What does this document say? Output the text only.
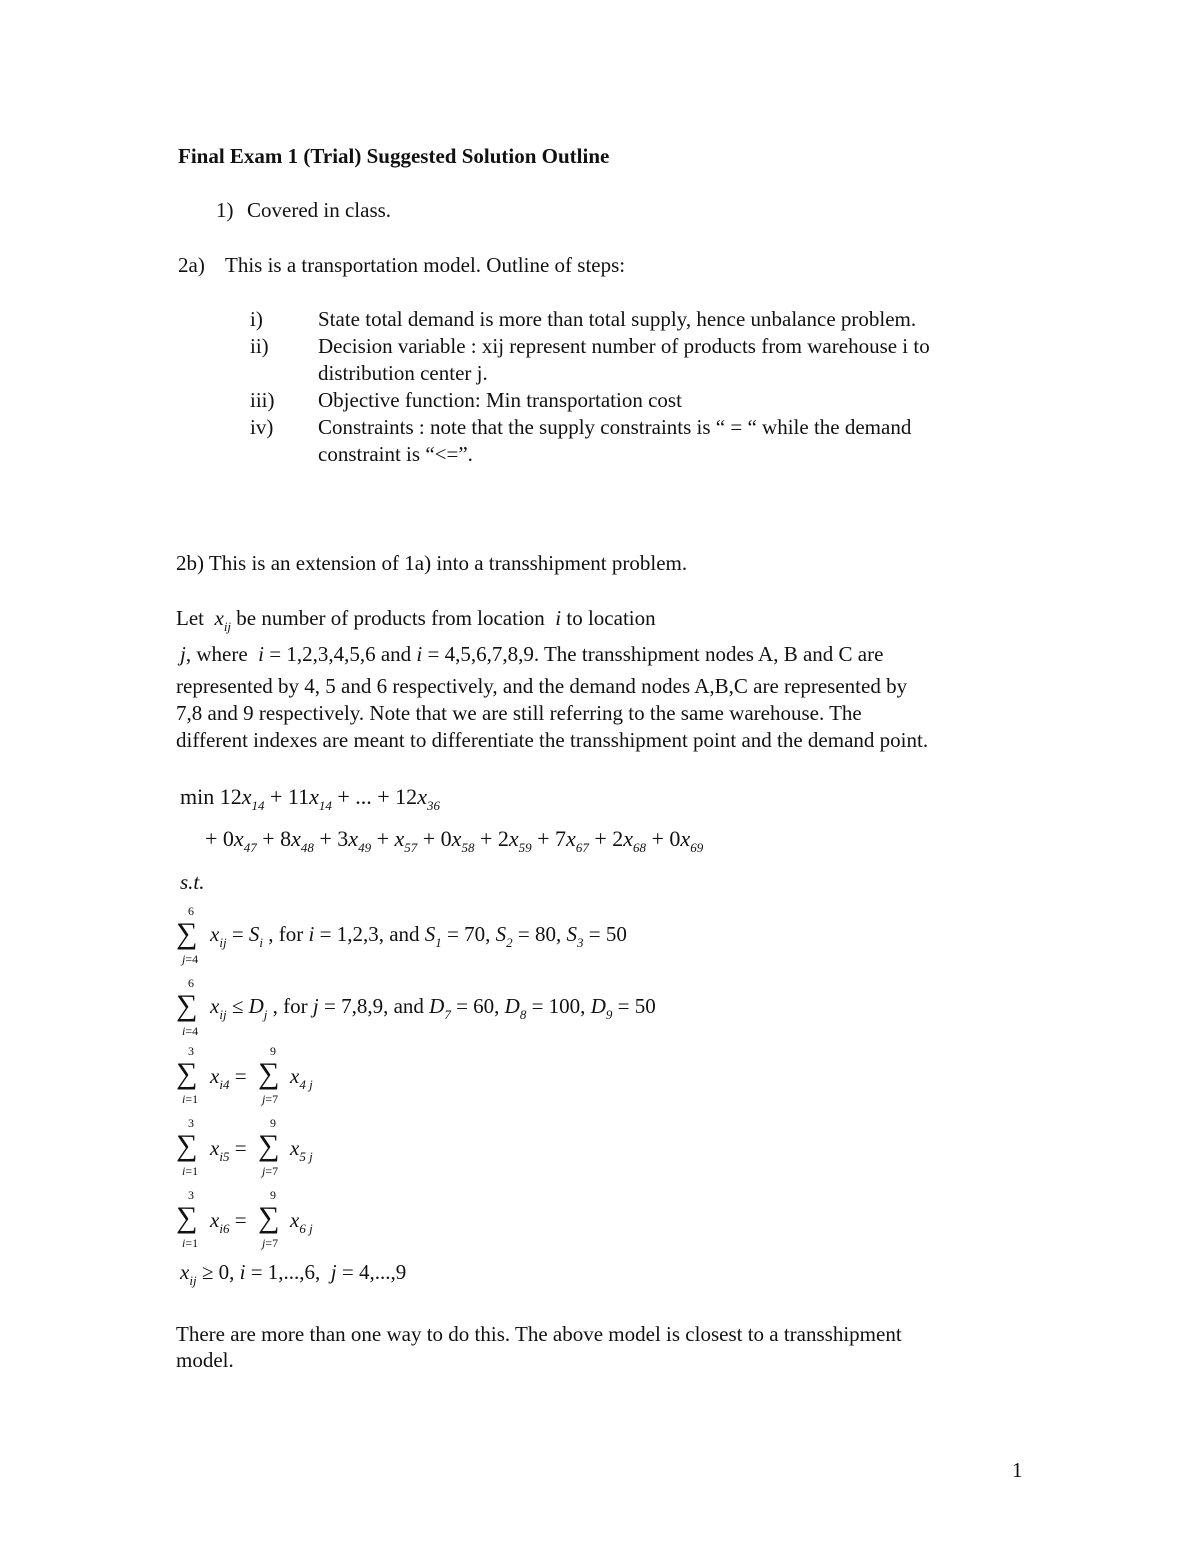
Final Exam 1 (Trial) Suggested Solution Outline
1) Covered in class.
2a) This is a transportation model. Outline of steps:
i)	State total demand is more than total supply, hence unbalance problem.
ii) Decision variable : xij represent number of products from warehouse i to
distribution center j.
iii) Objective function: Min transportation cost
iv) Constraints : note that the supply constraints is “ = “ while the demand
constraint is “<=”.
2b) This is an extension of 1a) into a transshipment problem.
Let  $x_{ij}$ be number of products from location  i to location
j, where i = 1,2,3,4,5,6 and i = 4,5,6,7,8,9. The transshipment nodes A, B and C are
represented by 4, 5 and 6 respectively, and the demand nodes A,B,C are represented by
7,8 and 9 respectively. Note that we are still referring to the same warehouse. The
different indexes are meant to differentiate the transshipment point and the demand point.
$\min 12x_{14} + 11x_{14}$ + ... + $12x_{36}$
+ $0x_{47} + 8x_{48} + 3x_{49} + x_{57} + 0x_{58} + 2x_{59} + 7x_{67} + 2x_{68} + 0x_{69}$
s.t.
6
∑
j=4
$x_{ij} = S_i$ , for i = 1,2,3, and $S_1 = 70$, $S_2 = 80$, $S_3 = 50$
6
∑
i=4
$x_{ij} \le D_j$ , for j = 7,8,9, and $D_7 = 60$, $D_8 = 100$, $D_9 = 50$
3
∑
i=1
$x_{i4}$ =
9
∑
j=7
$x_{4 j}$
3
∑
i=1
$x_{i5}$ =
9
∑
j=7
$x_{5 j}$
3
∑
i=1
$x_{i6}$ =
9
∑
j=7
$x_{6 j}$
$x_{ij} \ge 0$, i = 1,...,6,  j = 4,...,9
There are more than one way to do this. The above model is closest to a transshipment
model.
1
